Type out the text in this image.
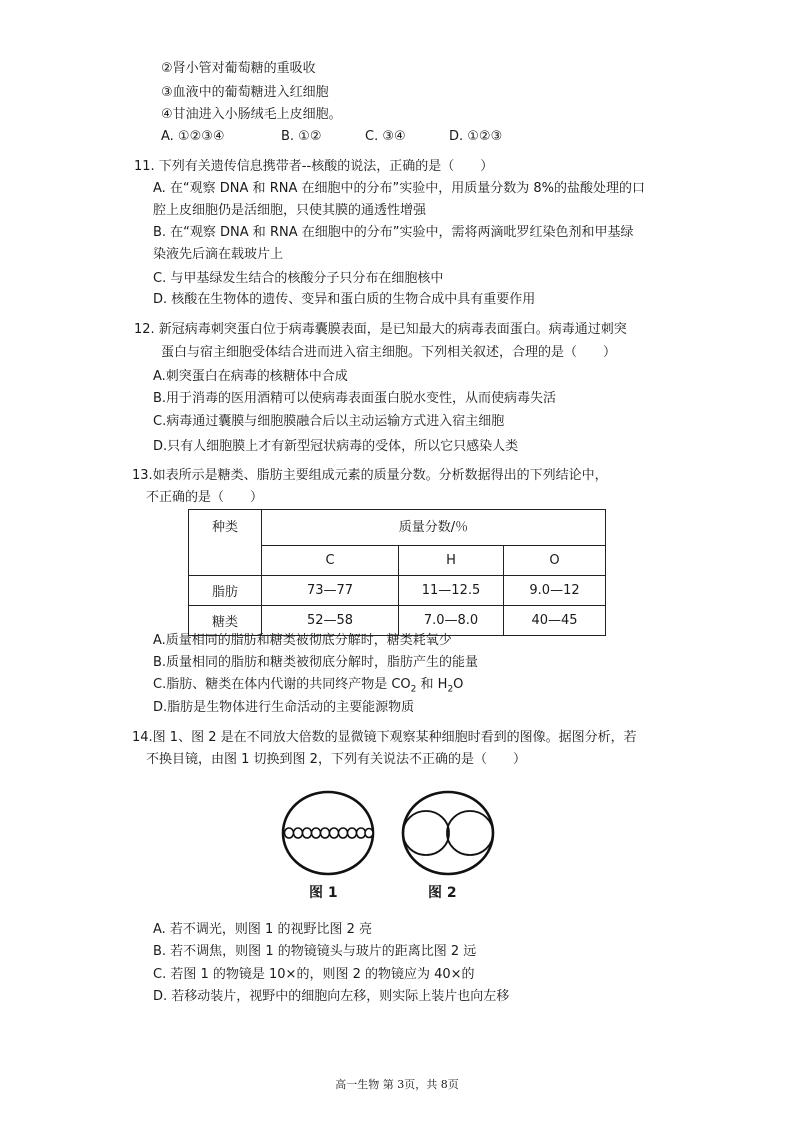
②肾小管对葡萄糖的重吸收
③血液中的葡萄糖进入红细胞
④甘油进入小肠绒毛上皮细胞。
A. ①②③④	B. ①②	C. ③④	D. ①②③
11. 下列有关遗传信息携带者--核酸的说法，正确的是（　　）
A. 在“观察 DNA 和 RNA 在细胞中的分布”实验中，用质量分数为 8%的盐酸处理的口
腔上皮细胞仍是活细胞，只使其膜的通透性增强
B. 在“观察 DNA 和 RNA 在细胞中的分布”实验中，需将两滴吡罗红染色剂和甲基绿
染液先后滴在载玻片上
C. 与甲基绿发生结合的核酸分子只分布在细胞核中
D. 核酸在生物体的遗传、变异和蛋白质的生物合成中具有重要作用
12. 新冠病毒刺突蛋白位于病毒囊膜表面，是已知最大的病毒表面蛋白。病毒通过刺突
蛋白与宿主细胞受体结合进而进入宿主细胞。下列相关叙述，合理的是（　　）
A.刺突蛋白在病毒的核糖体中合成
B.用于消毒的医用酒精可以使病毒表面蛋白脱水变性，从而使病毒失活
C.病毒通过囊膜与细胞膜融合后以主动运输方式进入宿主细胞
D.只有人细胞膜上才有新型冠状病毒的受体，所以它只感染人类
13.如表所示是糖类、脂肪主要组成元素的质量分数。分析数据得出的下列结论中，
不正确的是（　　）
种类	质量分数/％		
	C	H	O
脂肪	73—77	11—12.5	9.0—12
糖类	52—58	7.0—8.0	40—45
A.质量相同的脂肪和糖类被彻底分解时，糖类耗氧少
B.质量相同的脂肪和糖类被彻底分解时，脂肪产生的能量
C.脂肪、糖类在体内代谢的共同终产物是 $CO_2$ 和 $H_2O$
D.脂肪是生物体进行生命活动的主要能源物质
14.图 1、图 2 是在不同放大倍数的显微镜下观察某种细胞时看到的图像。据图分析，若
不换目镜，由图 1 切换到图 2，下列有关说法不正确的是（　　）
图 1	图 2
A. 若不调光，则图 1 的视野比图 2 亮
B. 若不调焦，则图 1 的物镜镜头与玻片的距离比图 2 远
C. 若图 1 的物镜是 10×的，则图 2 的物镜应为 40×的
D. 若移动装片，视野中的细胞向左移，则实际上装片也向左移
高一生物 第 3页，共 8页
